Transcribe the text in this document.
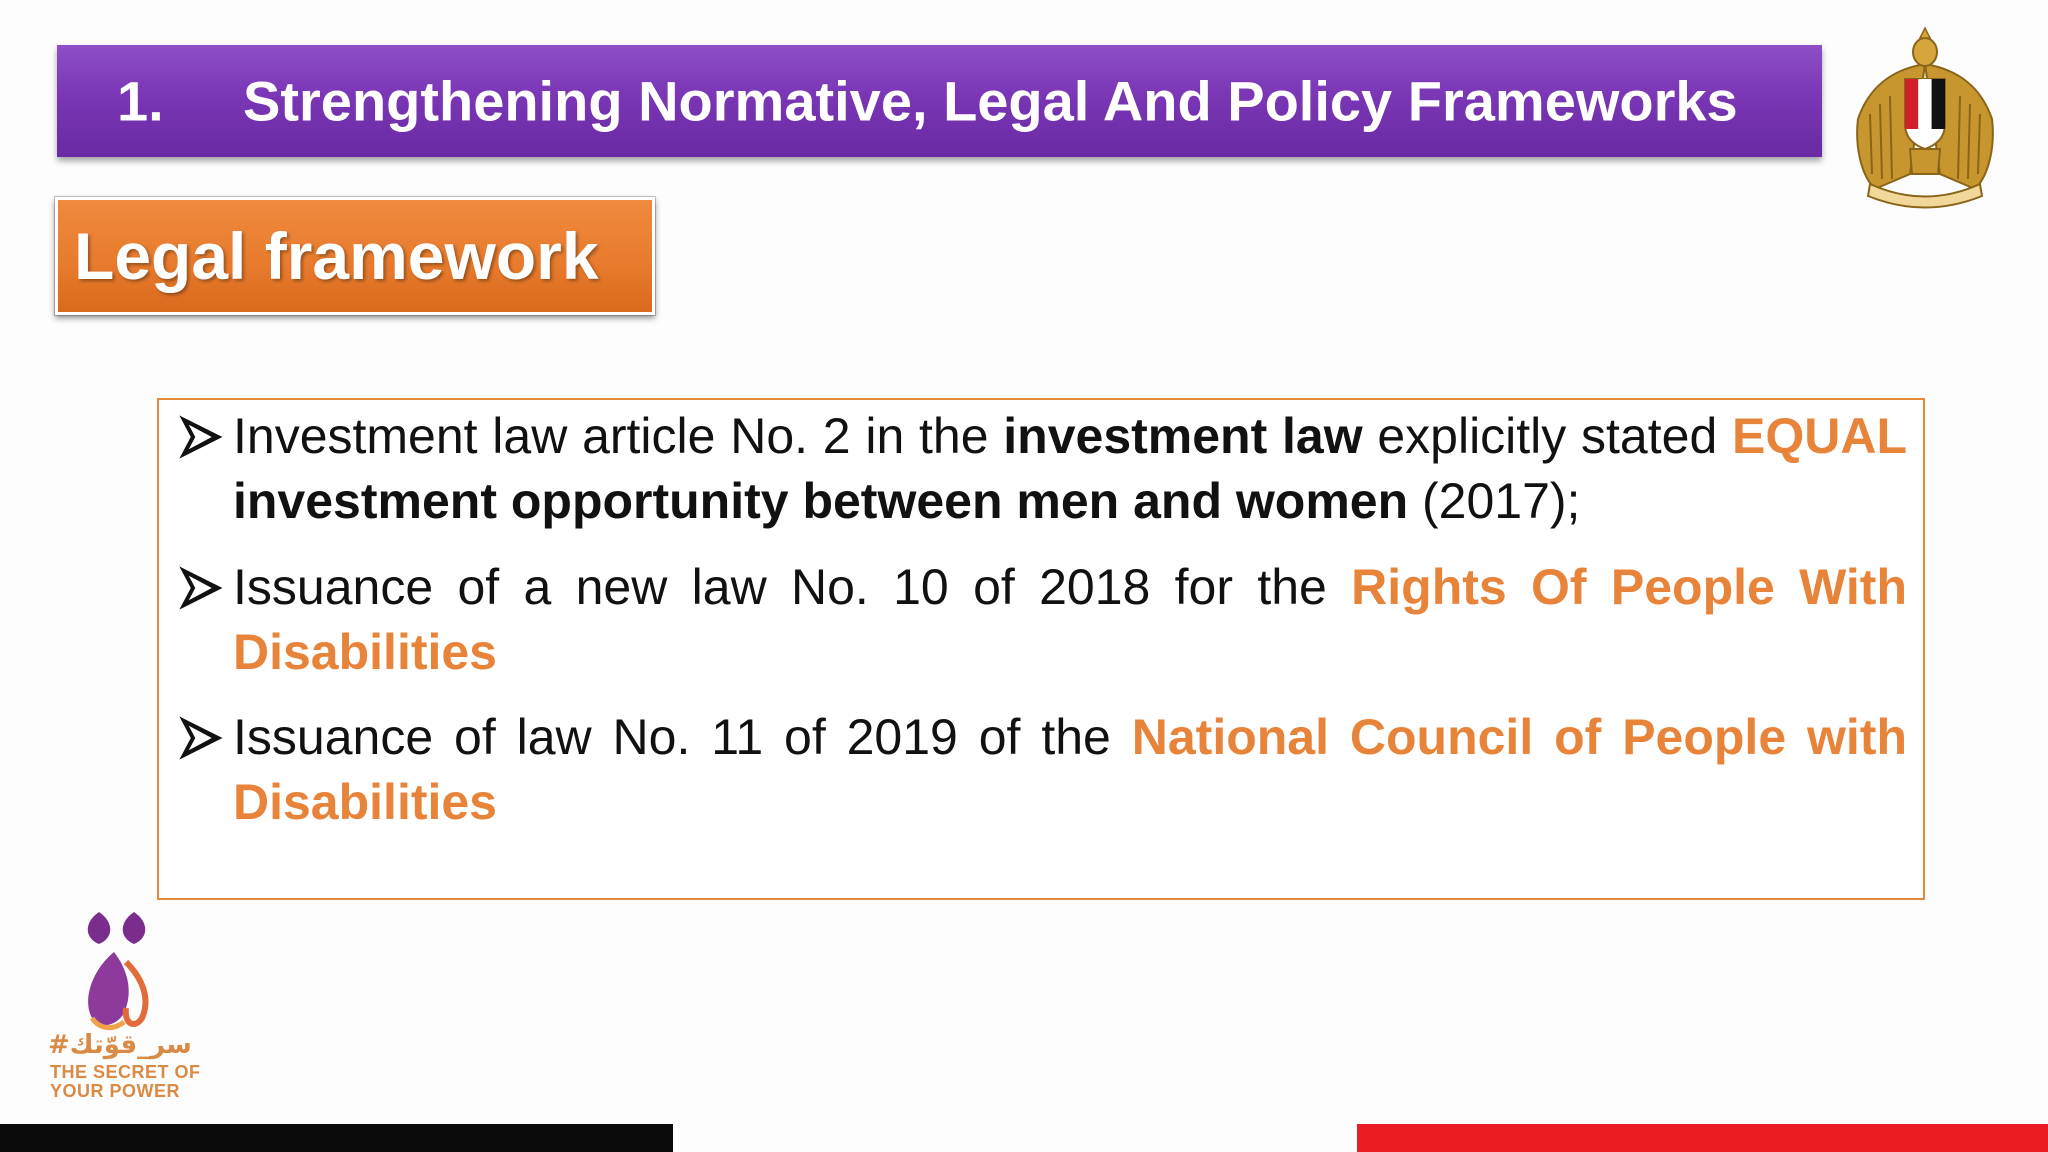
1. Strengthening Normative, Legal And Policy Frameworks
Legal framework
Investment law article No. 2 in the investment law explicitly stated EQUAL investment opportunity between men and women (2017);
Issuance of a new law No. 10 of 2018 for the Rights Of People With Disabilities
Issuance of law No. 11 of 2019 of the National Council of People with Disabilities
#سر_قوّتك
THE SECRET OF
YOUR POWER
